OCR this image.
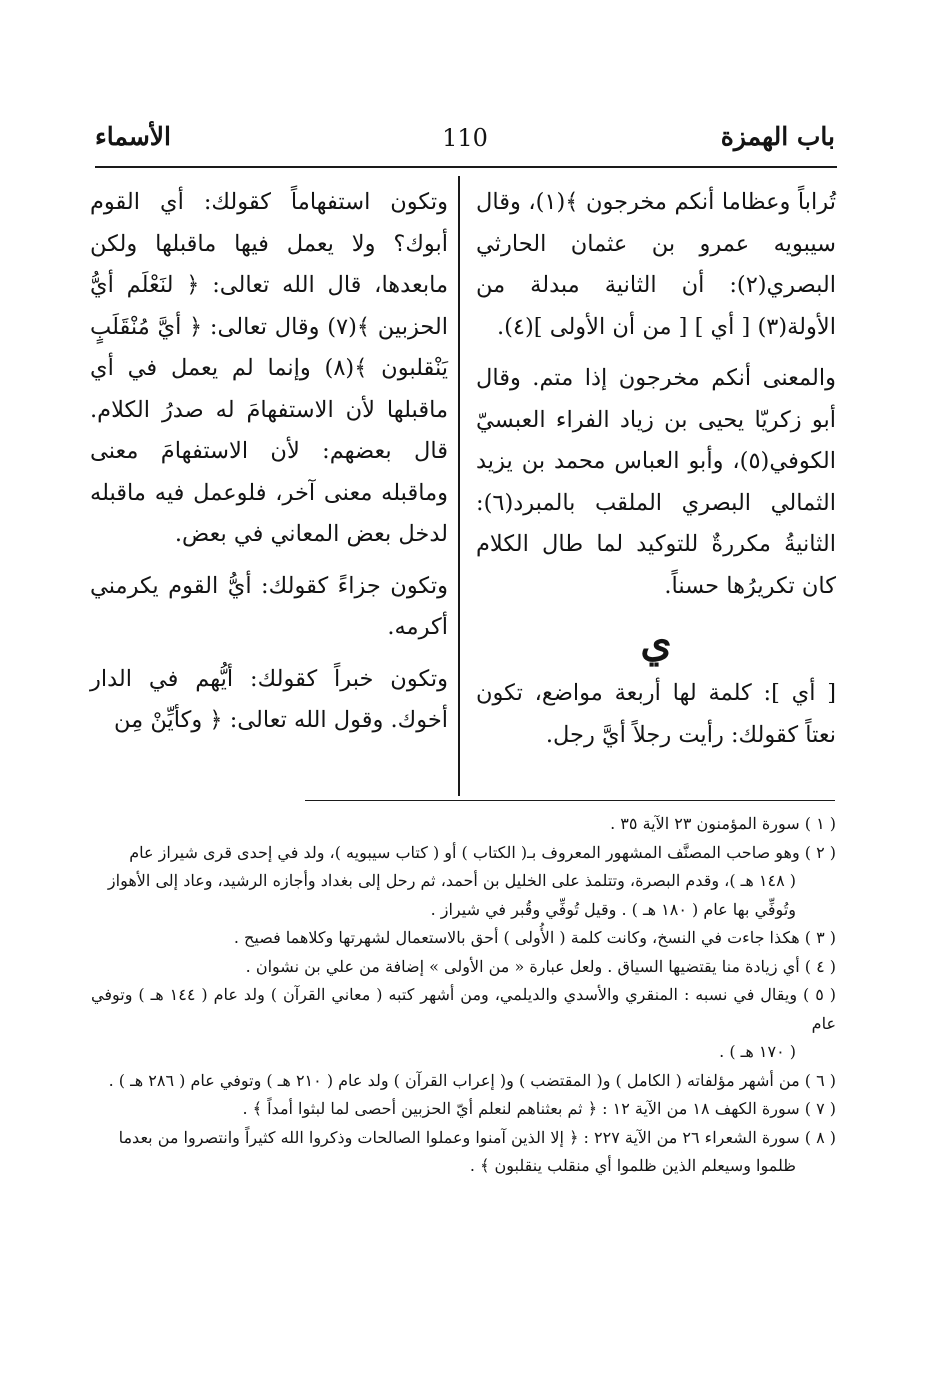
باب الهمزة
110
الأسماء

تُراباً وعظاما أنكم مخرجون ﴾(١)، وقال سيبويه عمرو بن عثمان الحارثي البصري(٢): أن الثانية مبدلة من الأولة(٣) [ أي ] [ من أن الأولى ](٤).

والمعنى أنكم مخرجون إذا متم. وقال أبو زكريّا يحيى بن زياد الفراء العبسيّ الكوفي(٥)، وأبو العباس محمد بن يزيد الثمالي البصري الملقب بالمبرد(٦): الثانيةُ مكررةٌ للتوكيد لما طال الكلام كان تكريرُها حسناً.

ي

[ أي ]: كلمة لها أربعة مواضع، تكون نعتاً كقولك: رأيت رجلاً أيَّ رجل.

وتكون استفهاماً كقولك: أي القوم أبوك؟ ولا يعمل فيها ماقبلها ولكن مابعدها، قال الله تعالى: ﴿ لنَعْلَم أيُّ الحزبين ﴾(٧) وقال تعالى: ﴿ أيَّ مُنْقَلَبٍ يَنْقلبون ﴾(٨) وإنما لم يعمل في أي ماقبلها لأن الاستفهامَ له صدرُ الكلام. قال بعضهم: لأن الاستفهامَ معنى وماقبله معنى آخر، فلوعمل فيه ماقبله لدخل بعض المعاني في بعض.

وتكون جزاءً كقولك: أيُّ القوم يكرمني أكرمه.

وتكون خبراً كقولك: أيُّهم في الدار أخوك. وقول الله تعالى: ﴿ وكأيِّنْ مِن

( ١ ) سورة المؤمنون ٢٣ الآية ٣٥ .

( ٢ ) وهو صاحب المصنَّف المشهور المعروف بـ( الكتاب ) أو ( كتاب سيبويه )، ولد في إحدى قرى شيراز عام

( ١٤٨ هـ )، وقدم البصرة، وتتلمذ على الخليل بن أحمد، ثم رحل إلى بغداد وأجازه الرشيد، وعاد إلى الأهواز

وتُوفِّي بها عام ( ١٨٠ هـ ) . وقيل تُوفِّي وقُبر في شيراز .

( ٣ ) هكذا جاءت في النسخ، وكانت كلمة ( الأُولى ) أحق بالاستعمال لشهرتها وكلاهما فصيح .

( ٤ ) أي زيادة منا يقتضيها السياق . ولعل عبارة « من الأولى » إضافة من علي بن نشوان .

( ٥ ) ويقال في نسبه : المنقري والأسدي والديلمي، ومن أشهر كتبه ( معاني القرآن ) ولد عام ( ١٤٤ هـ ) وتوفي عام

( ١٧٠ هـ ) .

( ٦ ) من أشهر مؤلفاته ( الكامل ) و( المقتضب ) و( إعراب القرآن ) ولد عام ( ٢١٠ هـ ) وتوفي عام ( ٢٨٦ هـ ) .

( ٧ ) سورة الكهف ١٨ من الآية ١٢ : ﴿ ثم بعثناهم لنعلم أيّ الحزبين أحصى لما لبثوا أمداً ﴾ .

( ٨ ) سورة الشعراء ٢٦ من الآية ٢٢٧ : ﴿ إلا الذين آمنوا وعملوا الصالحات وذكروا الله كثيراً وانتصروا من بعدما

ظلموا وسيعلم الذين ظلموا أي منقلب ينقلبون ﴾ .
